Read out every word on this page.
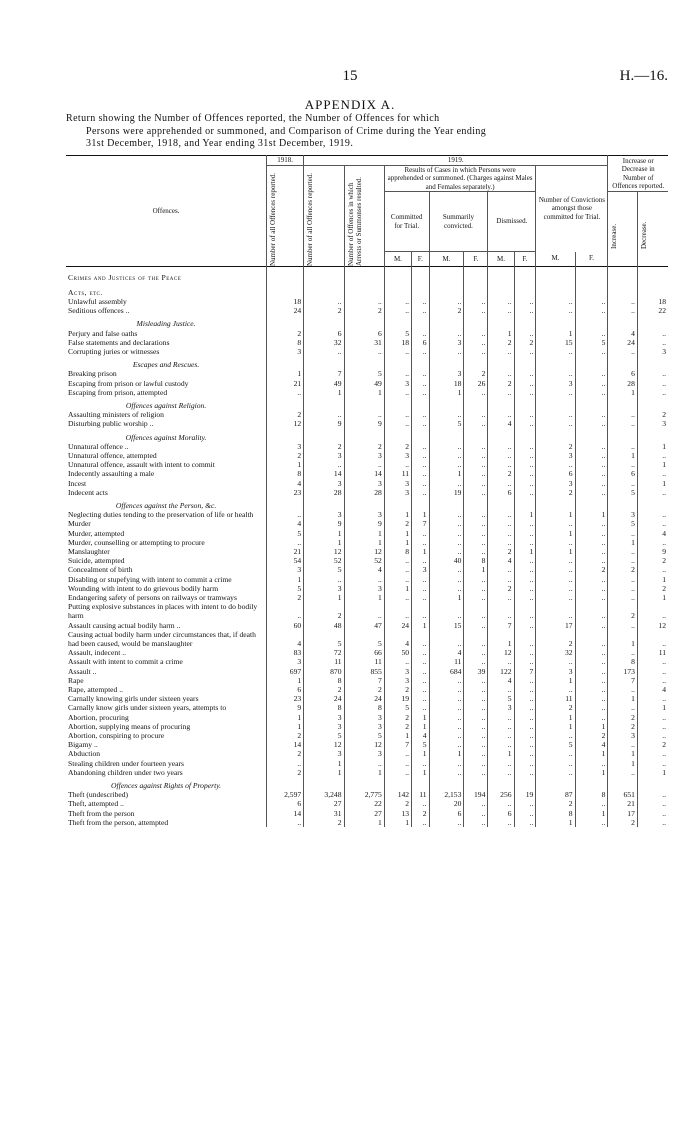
15	H.—16.
APPENDIX A.
Return showing the Number of Offences reported, the Number of Offences for which
Persons were apprehended or summoned, and Comparison of Crime during the Year ending
31st December, 1918, and Year ending 31st December, 1919.
Offences.	1918.	1919.										Increase or Decrease in Number of Offences reported.	

	Number of all Offences reported.	Number of all Offences reported.	Number of Offences in which Arrests or Summonses resulted.	Results of Cases in which Persons were apprehended or summoned. (Charges against Males and Females separately.)						Number of Convictions amongst those committed for Trial.			
				Committed for Trial.		Summarily convicted.		Dismissed.				Increase.	Decrease.

				M.	F.	M.	F.	M.	F.	M.	F.		
Crimes and Justices of the Peace													
Acts, etc.													
Unlawful assembly	18	..	..	..	..	..	..	..	..	..	..	..	18
Seditious offences ..	24	2	2	..	..	2	..	..	..	..	..	..	22
Misleading Justice.													
Perjury and false oaths	2	6	6	5	..	..	..	1	..	1	..	4	..
False statements and declarations	8	32	31	18	6	3	..	2	2	15	5	24	..
Corrupting juries or witnesses	3	..	..	..	..	..	..	..	..	..	..	..	3
Escapes and Rescues.													
Breaking prison	1	7	5	..	..	3	2	..	..	..	..	6	..
Escaping from prison or lawful custody	21	49	49	3	..	18	26	2	..	3	..	28	..
Escaping from prison, attempted	..	1	1	..	..	1	..	..	..	..	..	1	..
Offences against Religion.													
Assaulting ministers of religion	2	..	..	..	..	..	..	..	..	..	..	..	2
Disturbing public worship ..	12	9	9	..	..	5	..	4	..	..	..	..	3
Offences against Morality.													
Unnatural offence ..	3	2	2	2	..	..	..	..	..	2	..	..	1
Unnatural offence, attempted	2	3	3	3	..	..	..	..	..	3	..	1	..
Unnatural offence, assault with intent to commit	1	..	..	..	..	..	..	..	..	..	..	..	1
Indecently assaulting a male	8	14	14	11	..	1	..	2	..	6	..	6	..
Incest	4	3	3	3	..	..	..	..	..	3	..	..	1
Indecent acts	23	28	28	3	..	19	..	6	..	2	..	5	..
Offences against the Person, &c.													
Neglecting duties tending to the preservation of life or health	..	3	3	1	1	..	..	..	1	1	1	3	..
Murder	4	9	9	2	7	..	..	..	..	..	..	5	..
Murder, attempted	5	1	1	1	..	..	..	..	..	1	..	..	4
Murder, counselling or attempting to procure	..	1	1	1	..	..	..	..	..	..	..	1	..
Manslaughter	21	12	12	8	1	..	..	2	1	1	..	..	9
Suicide, attempted	54	52	52	..	..	40	8	4	..	..	..	..	2
Concealment of birth	3	5	4	..	3	..	1	..	..	..	2	2	..
Disabling or stupefying with intent to commit a crime	1	..	..	..	..	..	..	..	..	..	..	..	1
Wounding with intent to do grievous bodily harm	5	3	3	1	..	..	..	2	..	..	..	..	2
Endangering safety of persons on railways or tramways	2	1	1	..	..	1	..	..	..	..	..	..	1
Putting explosive substances in places with intent to do bodily harm	..	2	..	..	..	..	..	..	..	..	..	2	..
Assault causing actual bodily harm ..	60	48	47	24	1	15	..	7	..	17	..	..	12
Causing actual bodily harm under circumstances that, if death had been caused, would be manslaughter	4	5	5	4	..	..	..	1	..	2	..	1	..
Assault, indecent ..	83	72	66	50	..	4	..	12	..	32	..	..	11
Assault with intent to commit a crime	3	11	11	..	..	11	..	..	..	..	..	8	..
Assault ..	697	870	855	3	..	684	39	122	7	3	..	173	..
Rape	1	8	7	3	..	..	..	4	..	1	..	7	..
Rape, attempted ..	6	2	2	2	..	..	..	..	..	..	..	..	4
Carnally knowing girls under sixteen years	23	24	24	19	..	..	..	5	..	11	..	1	..
Carnally know girls under sixteen years, attempts to	9	8	8	5	..	..	..	3	..	2	..	..	1
Abortion, procuring	1	3	3	2	1	..	..	..	..	1	..	2	..
Abortion, supplying means of procuring	1	3	3	2	1	..	..	..	..	1	1	2	..
Abortion, conspiring to procure	2	5	5	1	4	..	..	..	..	..	2	3	..
Bigamy ..	14	12	12	7	5	..	..	..	..	5	4	..	2
Abduction	2	3	3	..	1	1	..	1	..	..	1	1	..
Stealing children under fourteen years	..	1	..	..	..	..	..	..	..	..	..	1	..
Abandoning children under two years	2	1	1	..	1	..	..	..	..	..	1	..	1
Offences against Rights of Property.													
Theft (undescribed)	2,597	3,248	2,775	142	11	2,153	194	256	19	87	8	651	..
Theft, attempted ..	6	27	22	2	..	20	..	..	..	2	..	21	..
Theft from the person	14	31	27	13	2	6	..	6	..	8	1	17	..
Theft from the person, attempted	..	2	1	1	..	..	..	..	..	1	..	2	..
